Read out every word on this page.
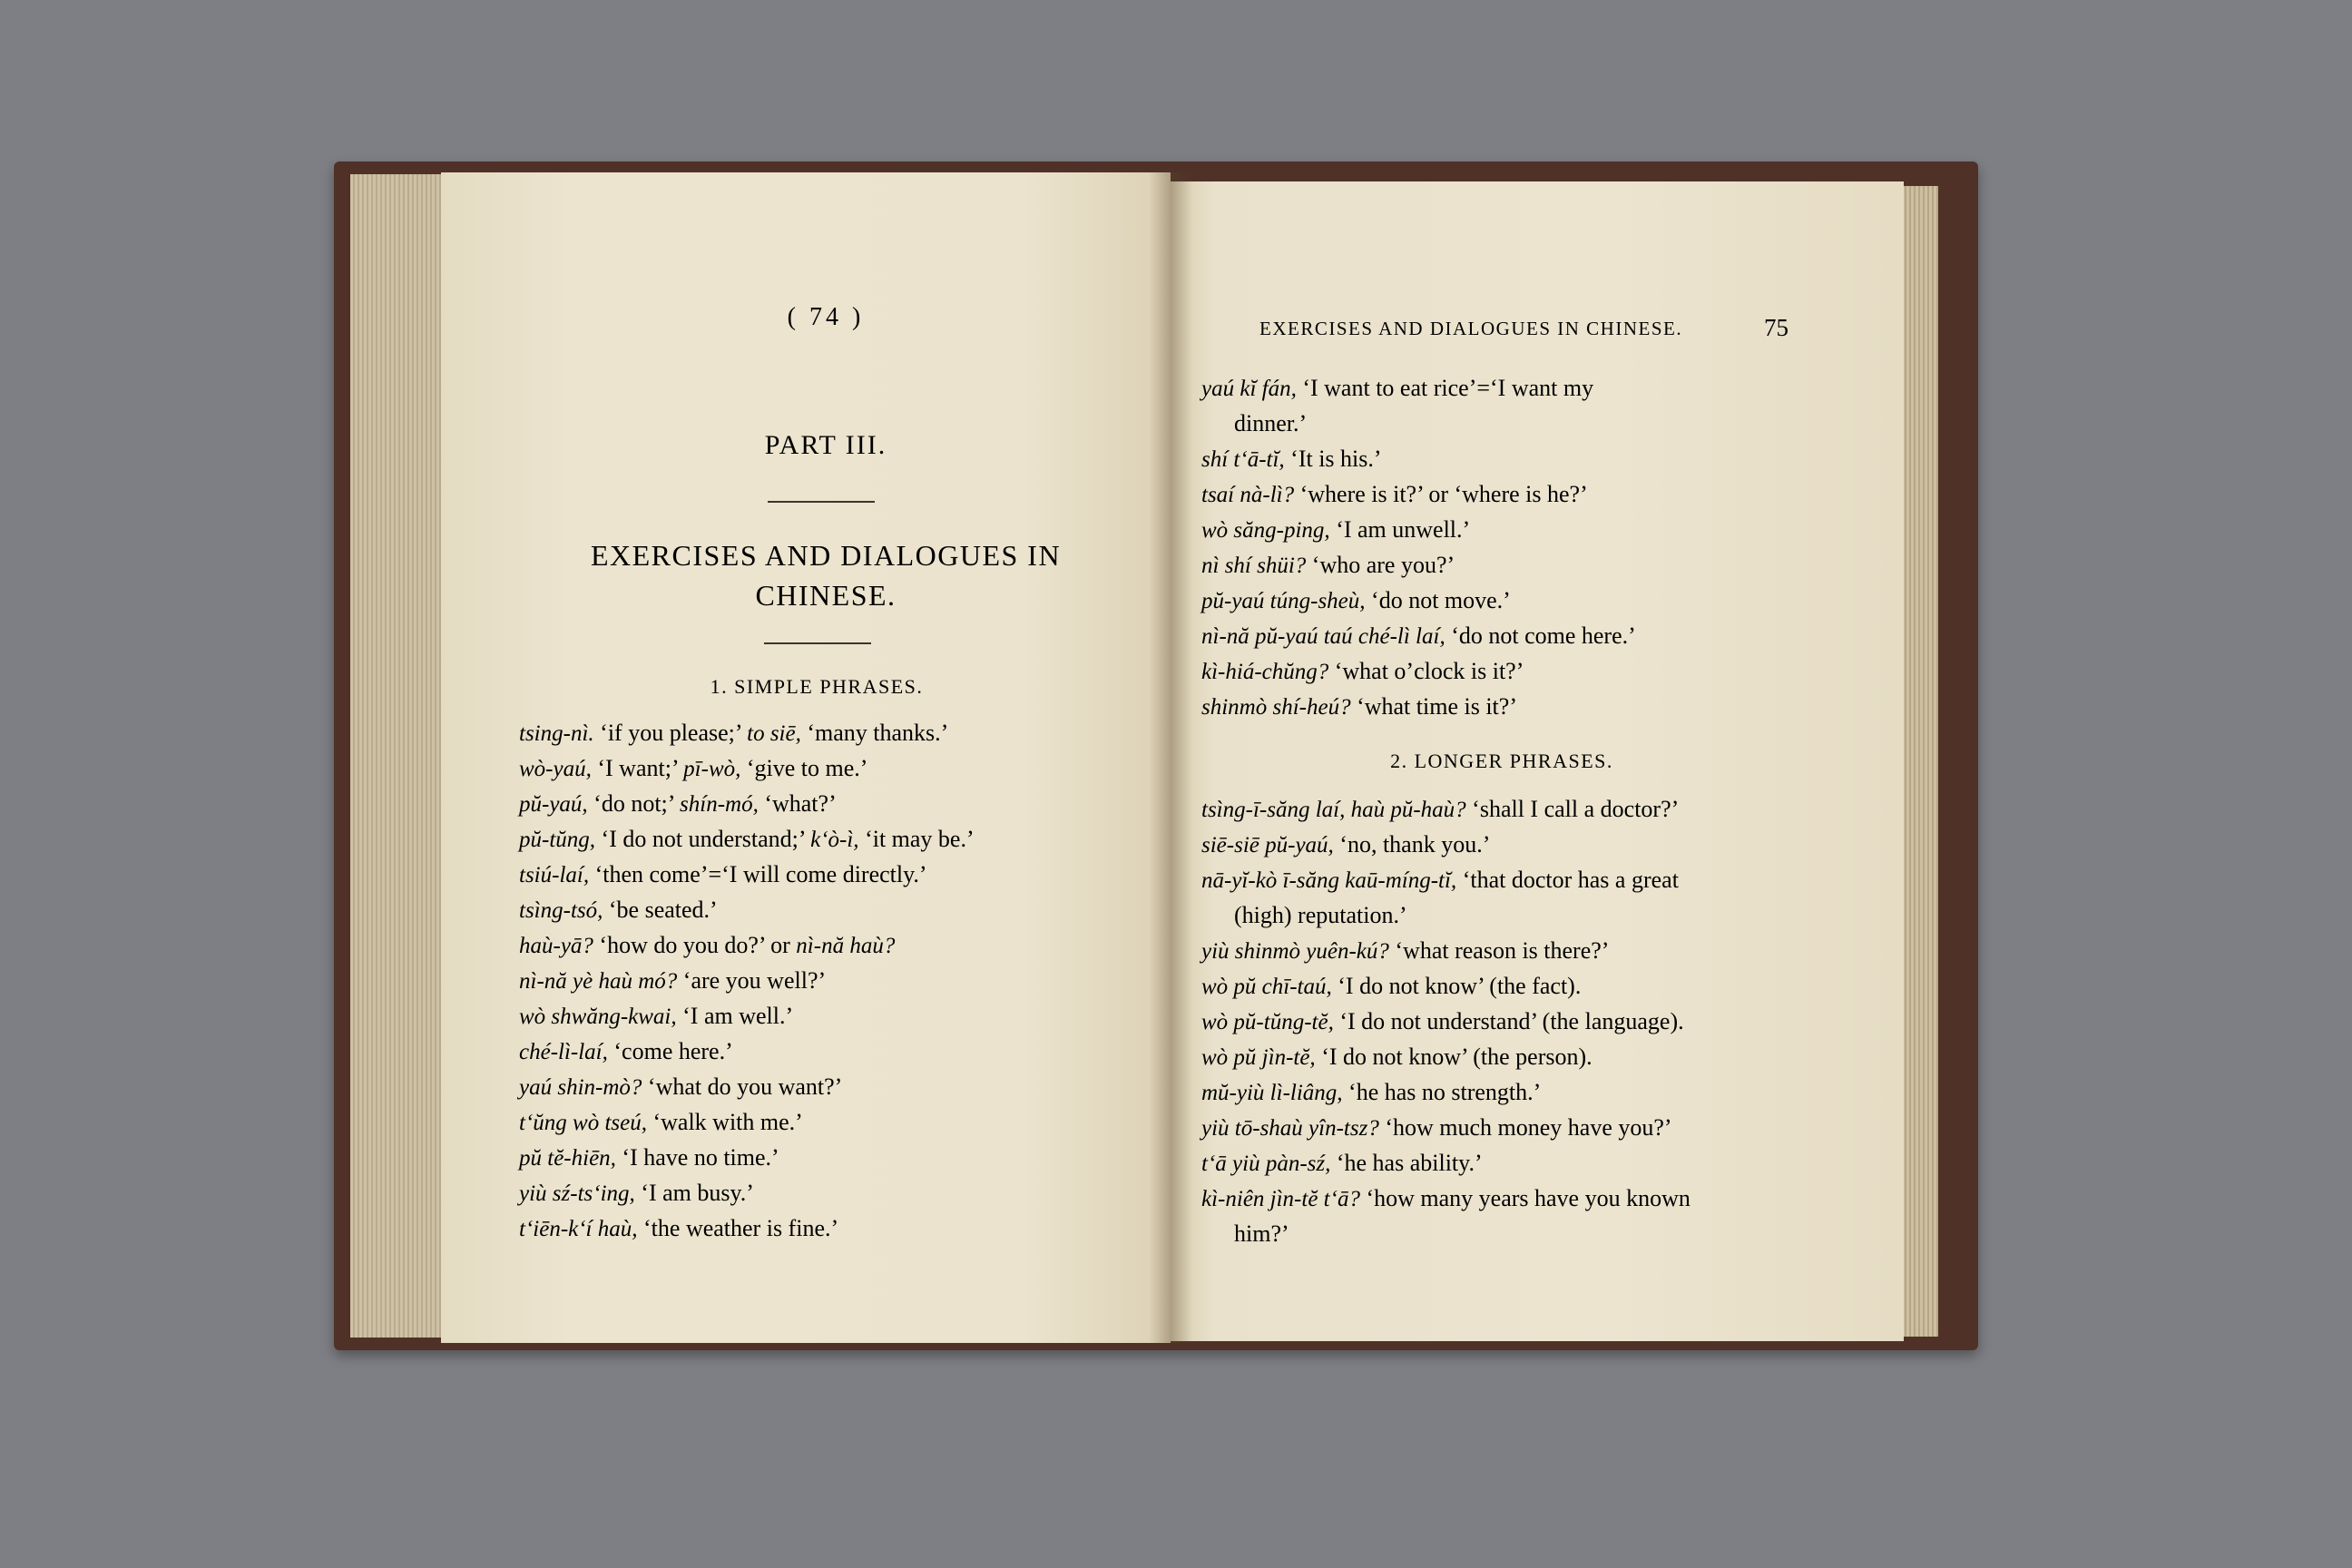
( 74 )
PART III.
EXERCISES AND DIALOGUES IN
CHINESE.
1. SIMPLE PHRASES.
tsing-nì. ‘if you please;’ to siē, ‘many thanks.’
wò-yaú, ‘I want;’ pī-wò, ‘give to me.’
pŭ-yaú, ‘do not;’ shín-mó, ‘what?’
pŭ-tŭng, ‘I do not understand;’ k‘ò-ì, ‘it may be.’
tsiú-laí, ‘then come’=‘I will come directly.’
tsìng-tsó, ‘be seated.’
haù-yā? ‘how do you do?’ or nì-nă haù?
nì-nă yè haù mó? ‘are you well?’
wò shwăng-kwai, ‘I am well.’
ché-lì-laí, ‘come here.’
yaú shin-mò? ‘what do you want?’
t‘ŭng wò tseú, ‘walk with me.’
pŭ tĕ-hiēn, ‘I have no time.’
yiù sź-ts‘ing, ‘I am busy.’
t‘iēn-k‘í haù, ‘the weather is fine.’
EXERCISES AND DIALOGUES IN CHINESE.	75
yaú kĭ fán, ‘I want to eat rice’=‘I want my
dinner.’
shí t‘ā-tĭ, ‘It is his.’
tsaí nà-lì? ‘where is it?’ or ‘where is he?’
wò săng-ping, ‘I am unwell.’
nì shí shüi? ‘who are you?’
pŭ-yaú túng-sheù, ‘do not move.’
nì-nă pŭ-yaú taú ché-lì laí, ‘do not come here.’
kì-hiá-chŭng? ‘what o’clock is it?’
shinmò shí-heú? ‘what time is it?’
2. LONGER PHRASES.
tsìng-ī-săng laí, haù pŭ-haù? ‘shall I call a doctor?’
siē-siē pŭ-yaú, ‘no, thank you.’
nā-yĭ-kò ī-săng kaū-míng-tĭ, ‘that doctor has a great
(high) reputation.’
yiù shinmò yuên-kú? ‘what reason is there?’
wò pŭ chī-taú, ‘I do not know’ (the fact).
wò pŭ-tŭng-tĕ, ‘I do not understand’ (the language).
wò pŭ jìn-tĕ, ‘I do not know’ (the person).
mŭ-yiù lì-liâng, ‘he has no strength.’
yiù tō-shaù yîn-tsz? ‘how much money have you?’
t‘ā yiù pàn-sź, ‘he has ability.’
kì-niên jìn-tĕ t‘ā? ‘how many years have you known
him?’
